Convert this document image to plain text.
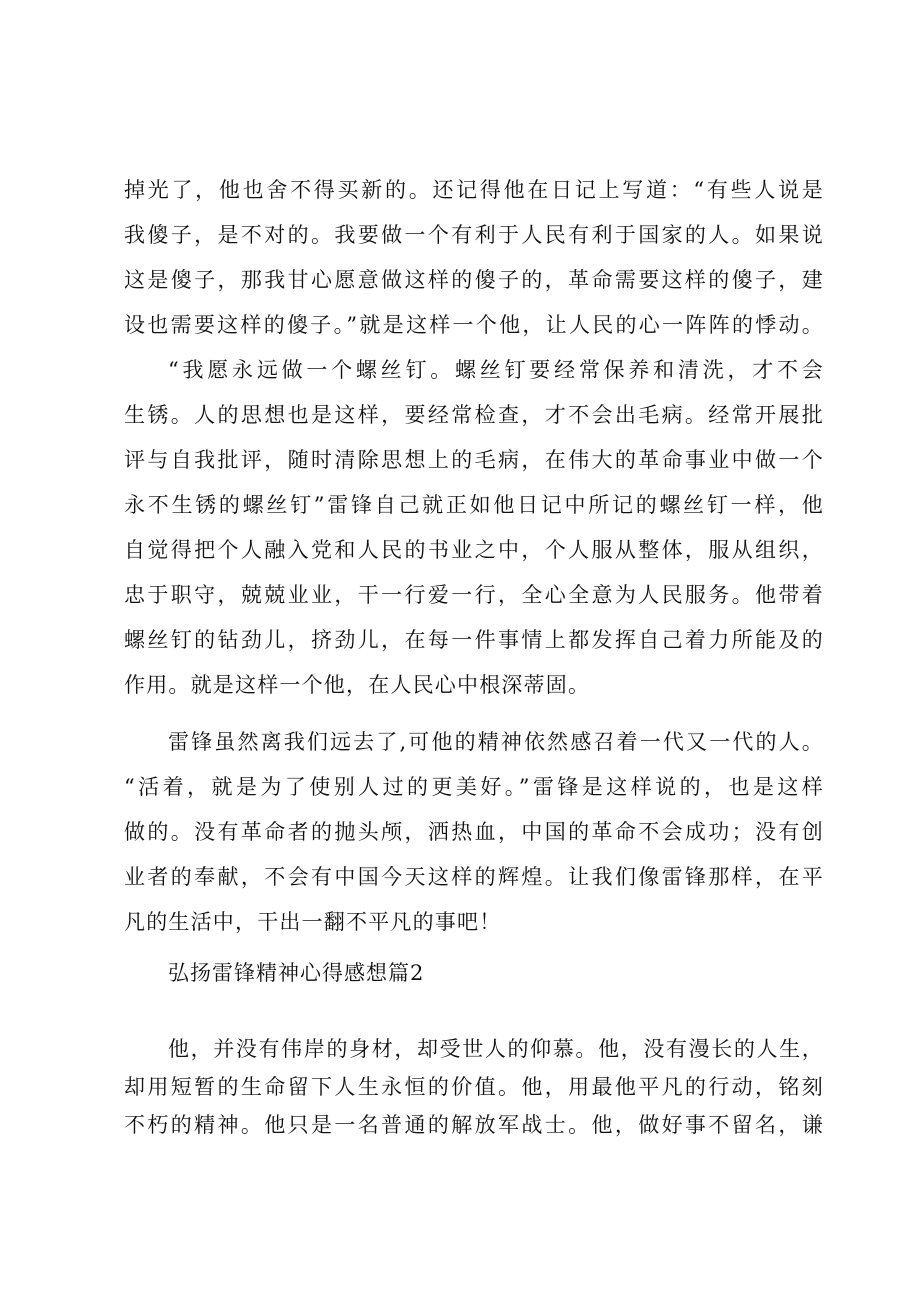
掉光了，他也舍不得买新的。还记得他在日记上写道：“有些人说是
我傻子，是不对的。我要做一个有利于人民有利于国家的人。如果说
这是傻子，那我甘心愿意做这样的傻子的，革命需要这样的傻子，建
设也需要这样的傻子。”就是这样一个他，让人民的心一阵阵的悸动。
“我愿永远做一个螺丝钉。螺丝钉要经常保养和清洗，才不会
生锈。人的思想也是这样，要经常检查，才不会出毛病。经常开展批
评与自我批评，随时清除思想上的毛病，在伟大的革命事业中做一个
永不生锈的螺丝钉”雷锋自己就正如他日记中所记的螺丝钉一样，他
自觉得把个人融入党和人民的书业之中，个人服从整体，服从组织，
忠于职守，兢兢业业，干一行爱一行，全心全意为人民服务。他带着
螺丝钉的钻劲儿，挤劲儿，在每一件事情上都发挥自己着力所能及的
作用。就是这样一个他，在人民心中根深蒂固。
雷锋虽然离我们远去了,可他的精神依然感召着一代又一代的人。
“活着，就是为了使别人过的更美好。”雷锋是这样说的，也是这样
做的。没有革命者的抛头颅，洒热血，中国的革命不会成功；没有创
业者的奉献，不会有中国今天这样的辉煌。让我们像雷锋那样，在平
凡的生活中，干出一翻不平凡的事吧！
弘扬雷锋精神心得感想篇2
他，并没有伟岸的身材，却受世人的仰慕。他，没有漫长的人生，
却用短暂的生命留下人生永恒的价值。他，用最他平凡的行动，铭刻
不朽的精神。他只是一名普通的解放军战士。他，做好事不留名，谦
